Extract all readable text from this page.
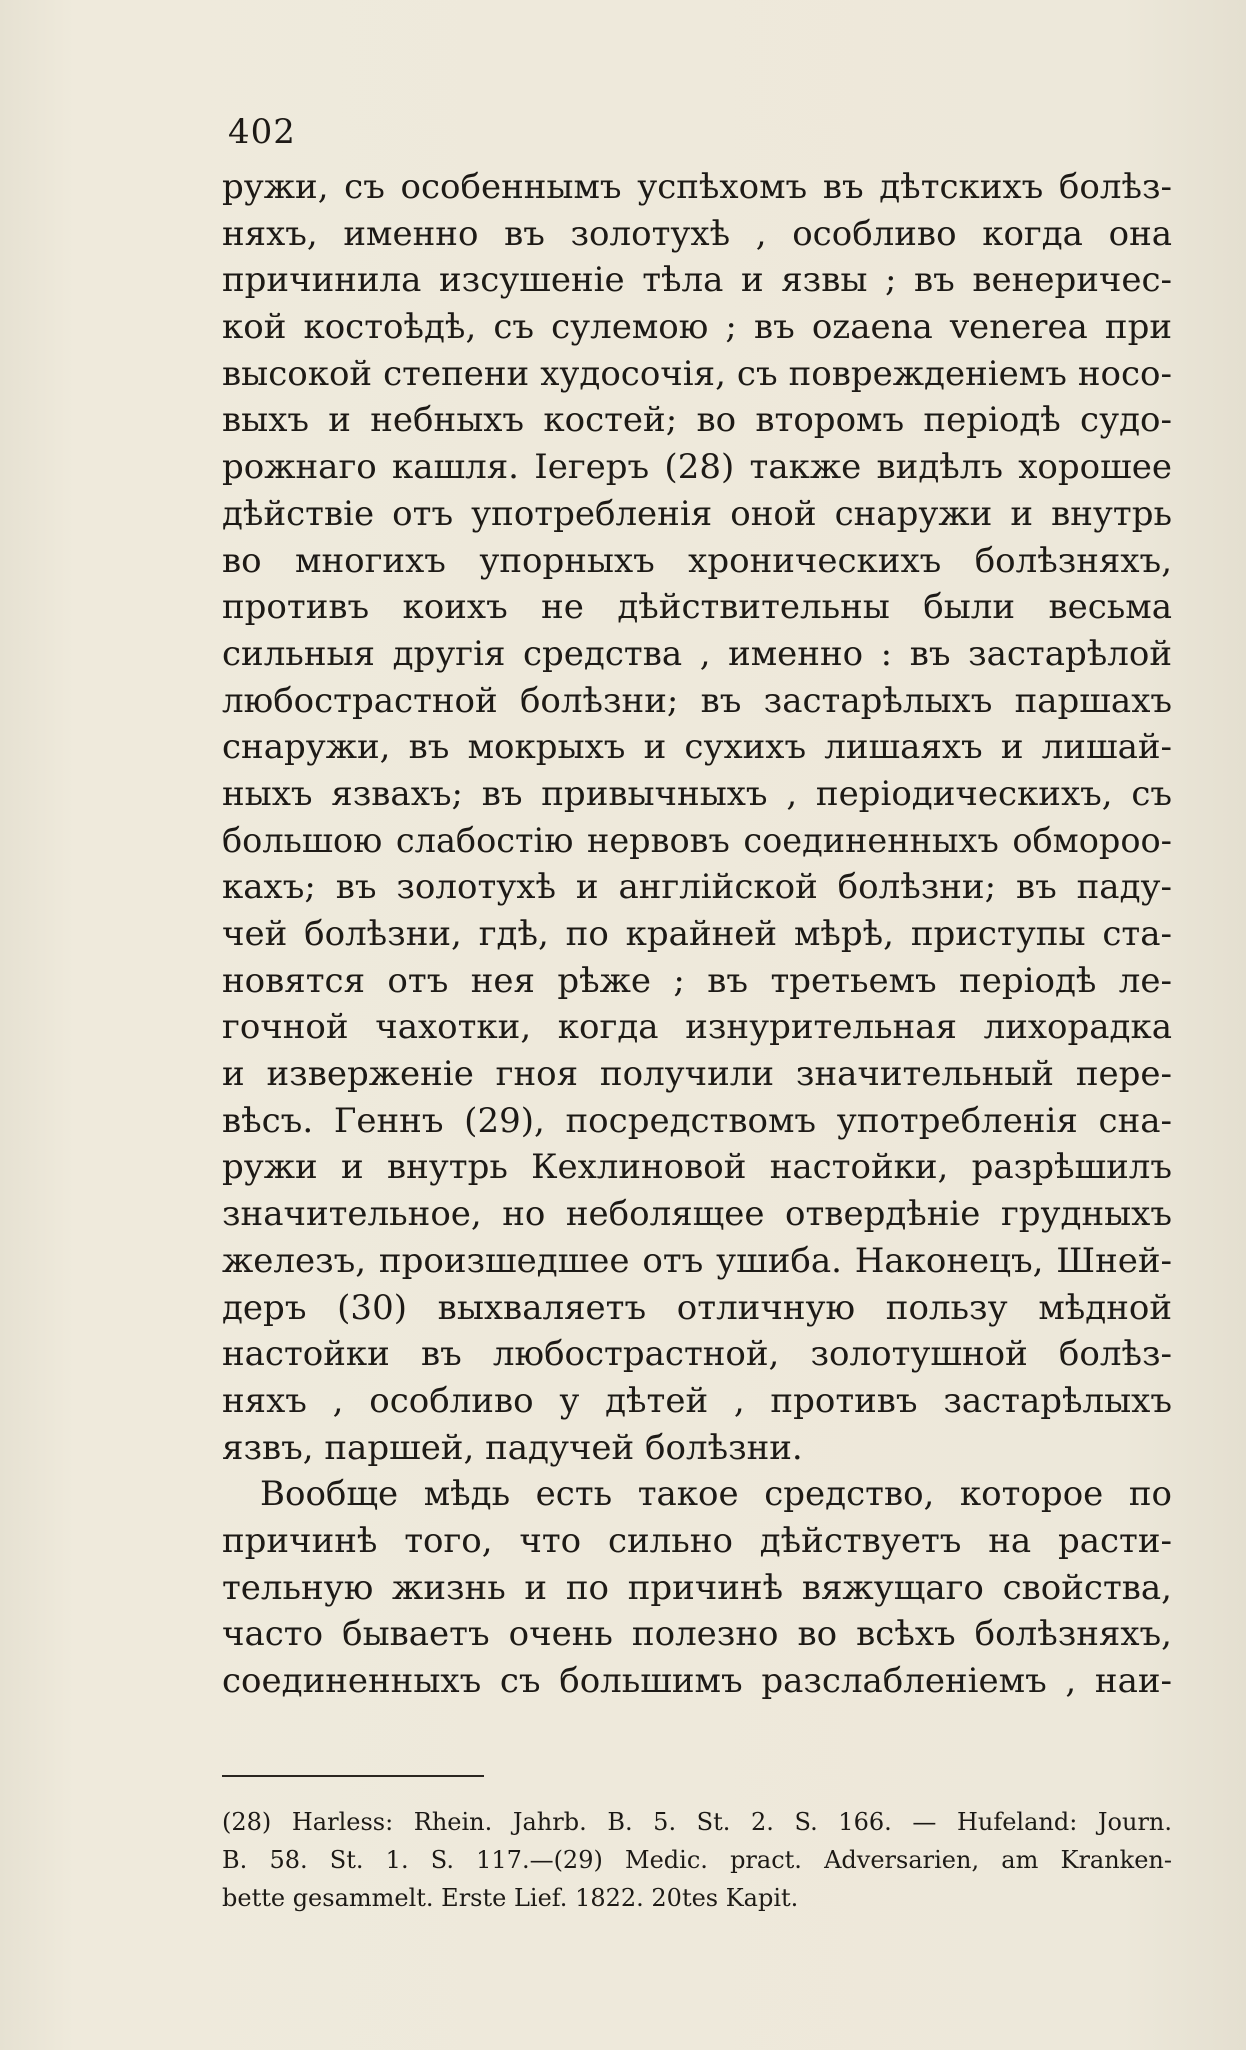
402
ружи, съ особеннымъ успѣхомъ въ дѣтскихъ болѣз-
няхъ, именно въ золотухѣ , особливо когда она
причинила изсушенiе тѣла и язвы ; въ венеричес-
кой костоѣдѣ, съ сулемою ; въ ozaena venerea при
высокой степени худосочія, съ поврежденіемъ носо-
выхъ и небныхъ костей; во второмъ періодѣ судо-
рожнаго кашля. Iегеръ (28) также видѣлъ хорошее
дѣйствіе отъ употребленія оной снаружи и внутрь
во многихъ упорныхъ хроническихъ болѣзняхъ,
противъ коихъ не дѣйствительны были весьма
сильныя другія средства , именно : въ застарѣлой
любострастной болѣзни; въ застарѣлыхъ паршахъ
снаружи, въ мокрыхъ и сухихъ лишаяхъ и лишай-
ныхъ язвахъ; въ привычныхъ , періодическихъ, съ
большою слабостію нервовъ соединенныхъ обмороо-
кахъ; въ золотухѣ и англійской болѣзни; въ паду-
чей болѣзни, гдѣ, по крайней мѣрѣ, приступы ста-
новятся отъ нея рѣже ; въ третьемъ періодѣ ле-
гочной чахотки, когда изнурительная лихорадка
и изверженіе гноя получили значительный пере-
вѣсъ. Геннъ (29), посредствомъ употребленія сна-
ружи и внутрь Кехлиновой настойки, разрѣшилъ
значительное, но неболящее отвердѣніе грудныхъ
железъ, произшедшее отъ ушиба. Наконецъ, Шней-
деръ (30) выхваляетъ отличную пользу мѣдной
настойки въ любострастной, золотушной болѣз-
няхъ , особливо у дѣтей , противъ застарѣлыхъ
язвъ, паршей, падучей болѣзни.
Вообще мѣдь есть такое средство, которое по
причинѣ того, что сильно дѣйствуетъ на расти-
тельную жизнь и по причинѣ вяжущаго свойства,
часто бываетъ очень полезно во всѣхъ болѣзняхъ,
соединенныхъ съ большимъ разслабленіемъ , наи-
(28) Harless: Rhein. Jahrb. B. 5. St. 2. S. 166. — Hufeland: Journ.
B. 58. St. 1. S. 117.—(29) Medic. pract. Adversarien, am Kranken-
bette gesammelt. Erste Lief. 1822. 20tes Kapit.
